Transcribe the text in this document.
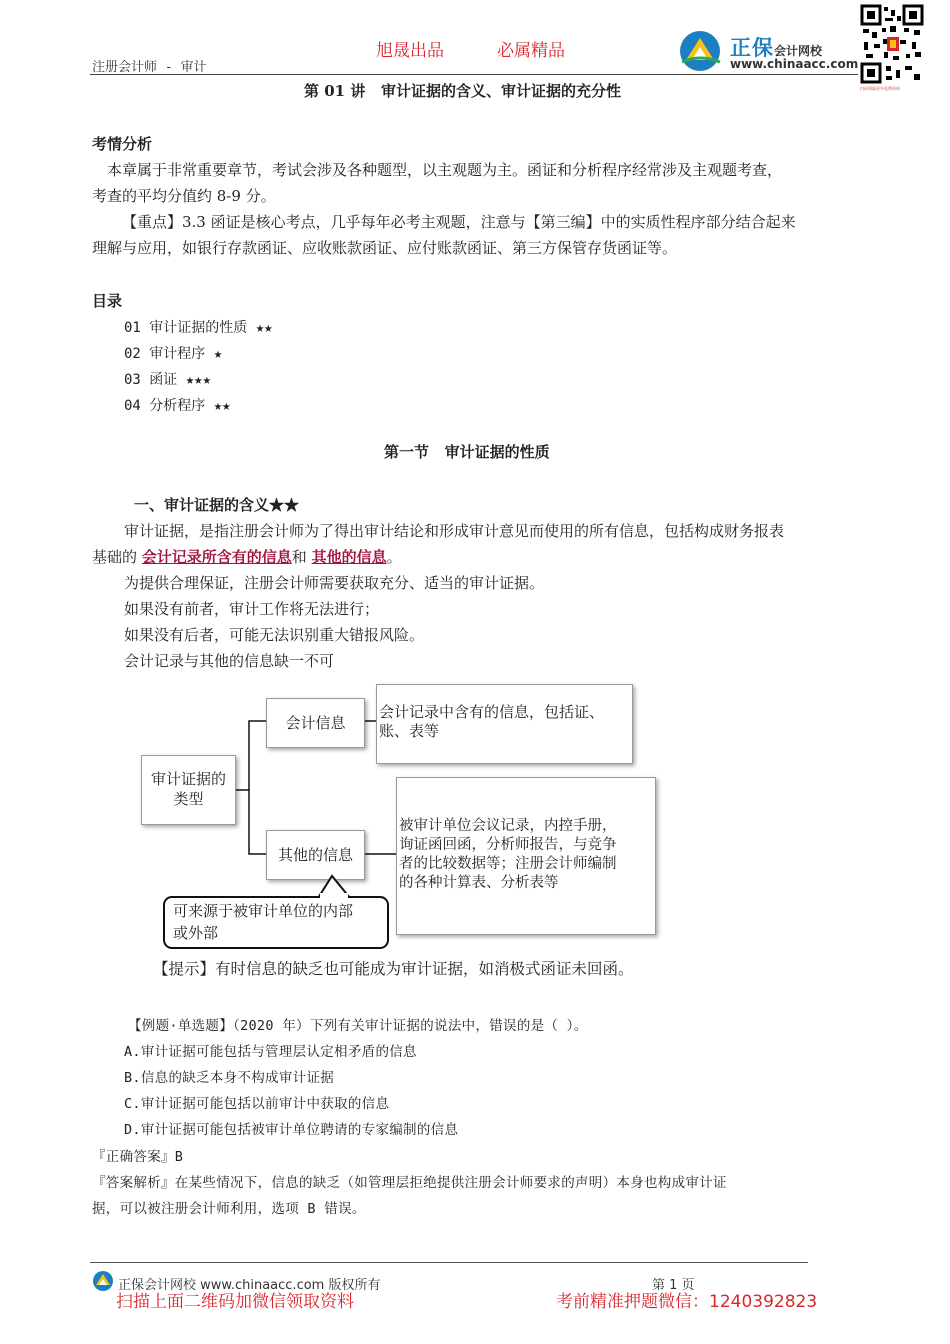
旭晟出品	必属精品
注册会计师 - 审计
正保会计网校
www.chinaacc.com
扫码领取更多免费资料
第 01 讲   审计证据的含义、审计证据的充分性
考情分析
本章属于非常重要章节，考试会涉及各种题型，以主观题为主。函证和分析程序经常涉及主观题考查，
考查的平均分值约 8-9 分。
【重点】3.3 函证是核心考点，几乎每年必考主观题，注意与【第三编】中的实质性程序部分结合起来
理解与应用，如银行存款函证、应收账款函证、应付账款函证、第三方保管存货函证等。
目录
01 审计证据的性质 ★★
02 审计程序 ★
03 函证 ★★★
04 分析程序 ★★
第一节   审计证据的性质
一、审计证据的含义★★
审计证据，是指注册会计师为了得出审计结论和形成审计意见而使用的所有信息，包括构成财务报表
基础的 会计记录所含有的信息和 其他的信息。
为提供合理保证，注册会计师需要获取充分、适当的审计证据。
如果没有前者，审计工作将无法进行；
如果没有后者，可能无法识别重大错报风险。
会计记录与其他的信息缺一不可
审计证据的
类型
会计信息
会计记录中含有的信息，包括证、
账、表等
其他的信息
被审计单位会议记录，内控手册，
询证函回函，分析师报告，与竞争
者的比较数据等；注册会计师编制
的各种计算表、分析表等
可来源于被审计单位的内部
或外部
【提示】有时信息的缺乏也可能成为审计证据，如消极式函证未回函。
【例题·单选题】（2020 年）下列有关审计证据的说法中，错误的是（ ）。
A.审计证据可能包括与管理层认定相矛盾的信息
B.信息的缺乏本身不构成审计证据
C.审计证据可能包括以前审计中获取的信息
D.审计证据可能包括被审计单位聘请的专家编制的信息
『正确答案』B
『答案解析』在某些情况下，信息的缺乏（如管理层拒绝提供注册会计师要求的声明）本身也构成审计证
据，可以被注册会计师利用，选项 B 错误。
正保会计网校 www.chinaacc.com 版权所有	第 1 页
扫描上面二维码加微信领取资料	考前精准押题微信：1240392823
